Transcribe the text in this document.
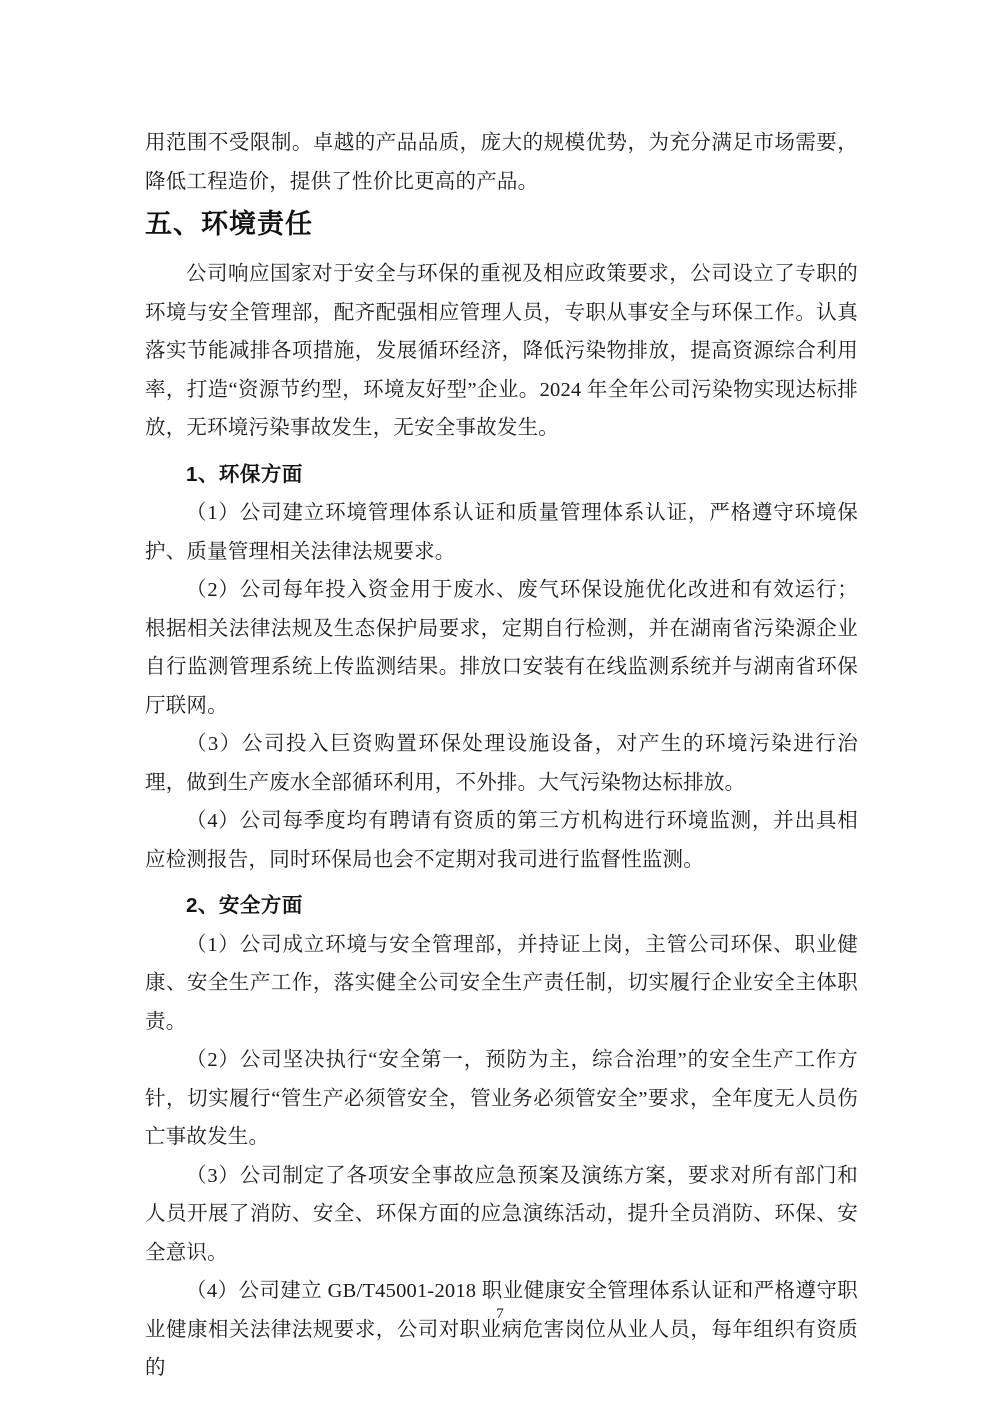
用范围不受限制。卓越的产品品质，庞大的规模优势，为充分满足市场需要，降低工程造价，提供了性价比更高的产品。

五、环境责任

公司响应国家对于安全与环保的重视及相应政策要求，公司设立了专职的环境与安全管理部，配齐配强相应管理人员，专职从事安全与环保工作。认真落实节能减排各项措施，发展循环经济，降低污染物排放，提高资源综合利用率，打造“资源节约型，环境友好型”企业。2024 年全年公司污染物实现达标排放，无环境污染事故发生，无安全事故发生。

1、环保方面

（1）公司建立环境管理体系认证和质量管理体系认证，严格遵守环境保护、质量管理相关法律法规要求。

（2）公司每年投入资金用于废水、废气环保设施优化改进和有效运行；根据相关法律法规及生态保护局要求，定期自行检测，并在湖南省污染源企业自行监测管理系统上传监测结果。排放口安装有在线监测系统并与湖南省环保厅联网。

（3）公司投入巨资购置环保处理设施设备，对产生的环境污染进行治理，做到生产废水全部循环利用，不外排。大气污染物达标排放。

（4）公司每季度均有聘请有资质的第三方机构进行环境监测，并出具相应检测报告，同时环保局也会不定期对我司进行监督性监测。

2、安全方面

（1）公司成立环境与安全管理部，并持证上岗，主管公司环保、职业健康、安全生产工作，落实健全公司安全生产责任制，切实履行企业安全主体职责。

（2）公司坚决执行“安全第一，预防为主，综合治理”的安全生产工作方针，切实履行“管生产必须管安全，管业务必须管安全”要求，全年度无人员伤亡事故发生。

（3）公司制定了各项安全事故应急预案及演练方案，要求对所有部门和人员开展了消防、安全、环保方面的应急演练活动，提升全员消防、环保、安全意识。

（4）公司建立 GB/T45001-2018 职业健康安全管理体系认证和严格遵守职业健康相关法律法规要求，公司对职业病危害岗位从业人员，每年组织有资质的

7
